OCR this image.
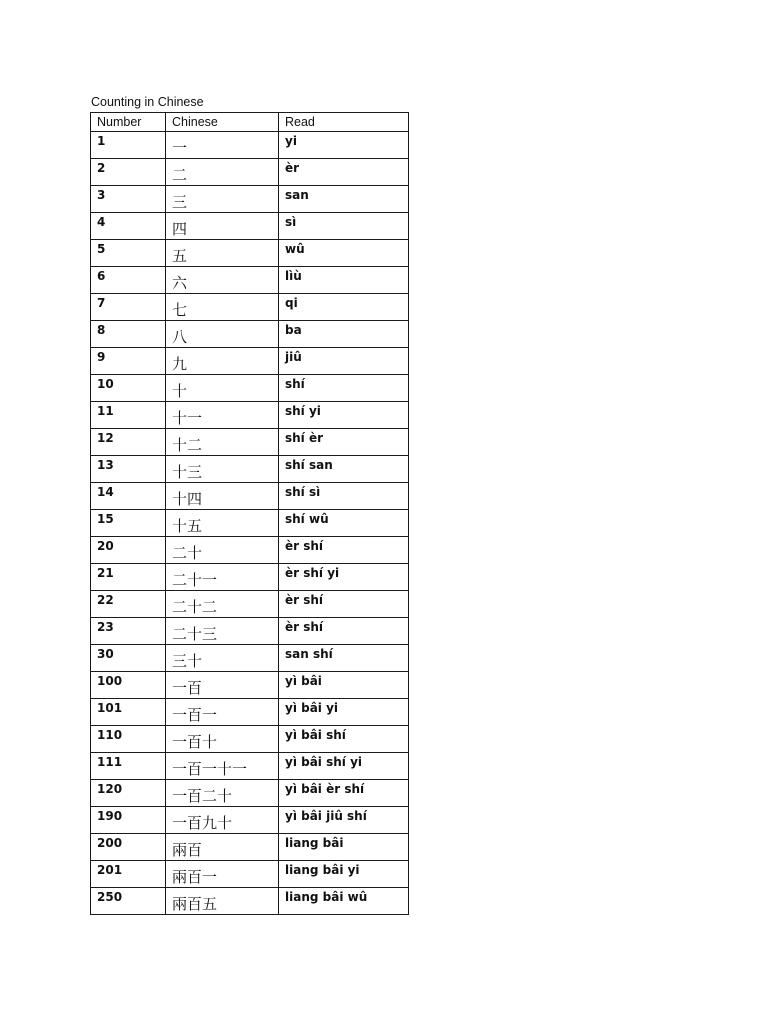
Counting in Chinese
Number	Chinese	Read
1	一	yi
2	二	èr
3	三	san
4	四	sì
5	五	wû
6	六	lìù
7	七	qi
8	八	ba
9	九	jiû
10	十	shí
11	十一	shí yi
12	十二	shí èr
13	十三	shí san
14	十四	shí sì
15	十五	shí wû
20	二十	èr shí
21	二十一	èr shí yi
22	二十二	èr shí
23	二十三	èr shí
30	三十	san shí
100	一百	yì bâi
101	一百一	yì bâi yi
110	一百十	yì bâi shí
111	一百一十一	yì bâi shí yi
120	一百二十	yì bâi èr shí
190	一百九十	yì bâi jiû shí
200	兩百	liang bâi
201	兩百一	liang bâi yi
250	兩百五	liang bâi wû
